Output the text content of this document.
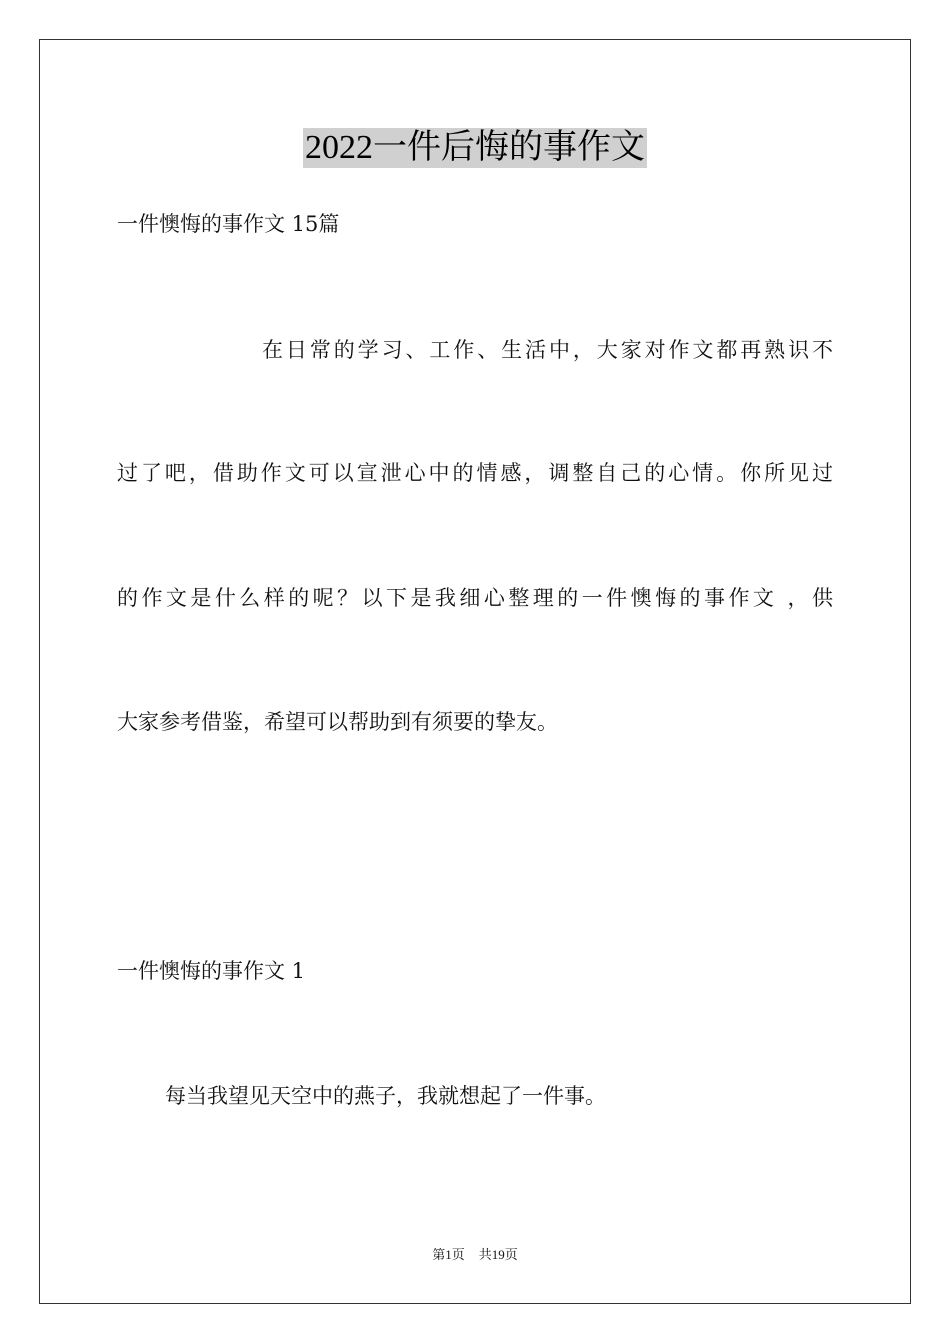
2022一件后悔的事作文
一件懊悔的事作文 15篇
在日常的学习、工作、生活中，大家对作文都再熟识不
过了吧，借助作文可以宣泄心中的情感，调整自己的心情。你所见过
的作文是什么样的呢？以下是我细心整理的一件懊悔的事作文 ，供
大家参考借鉴，希望可以帮助到有须要的挚友。
一件懊悔的事作文 1
每当我望见天空中的燕子，我就想起了一件事。
第1页 共19页
